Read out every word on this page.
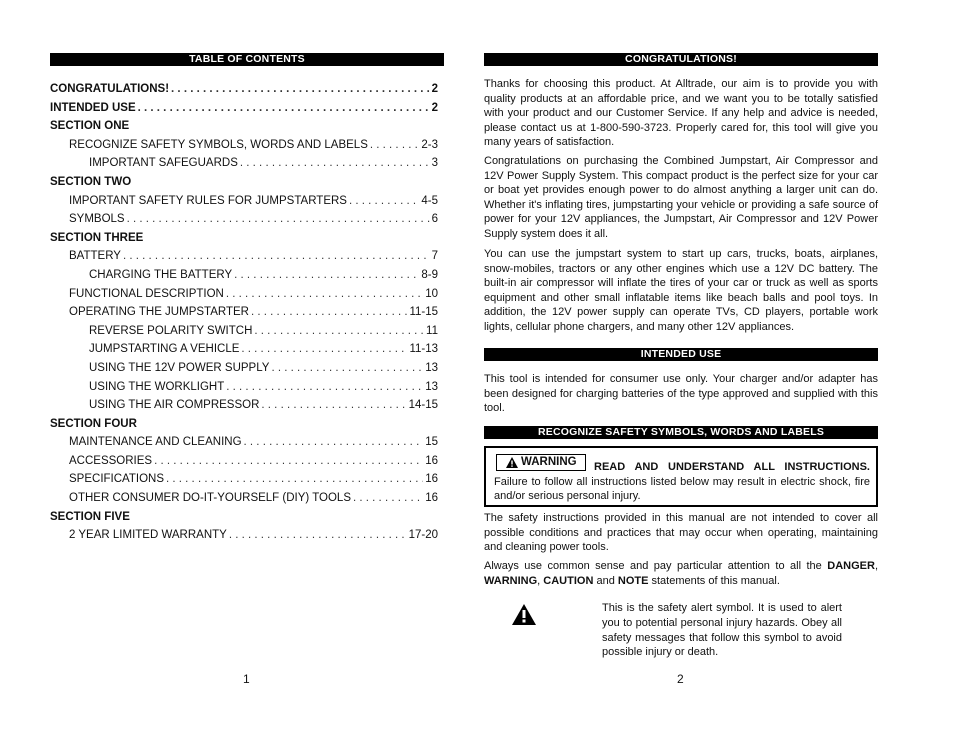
TABLE OF CONTENTS
CONGRATULATIONS! . . .	2
INTENDED USE . . .	2
SECTION ONE
RECOGNIZE SAFETY SYMBOLS, WORDS AND LABELS . . .	2-3
IMPORTANT SAFEGUARDS . . .	3
SECTION TWO
IMPORTANT SAFETY RULES FOR JUMPSTARTERS . . .	4-5
SYMBOLS . . .	6
SECTION THREE
BATTERY . . .	7
CHARGING THE BATTERY . . .	8-9
FUNCTIONAL DESCRIPTION . . .	10
OPERATING THE JUMPSTARTER . . .	11-15
REVERSE POLARITY SWITCH . . .	11
JUMPSTARTING A VEHICLE . . .	11-13
USING THE 12V POWER SUPPLY . . .	13
USING THE WORKLIGHT . . .	13
USING THE AIR COMPRESSOR . . .	14-15
SECTION FOUR
MAINTENANCE AND CLEANING . . .	15
ACCESSORIES . . .	16
SPECIFICATIONS . . .	16
OTHER CONSUMER DO-IT-YOURSELF (DIY) TOOLS . . .	16
SECTION FIVE
2 YEAR LIMITED WARRANTY . . .	17-20
1
CONGRATULATIONS!

Thanks for choosing this product. At Alltrade, our aim is to provide you with quality products at an affordable price, and we want you to be totally satisfied with your product and our Customer Service. If any help and advice is needed, please contact us at 1-800-590-3723. Properly cared for, this tool will give you many years of satisfaction.

Congratulations on purchasing the Combined Jumpstart, Air Compressor and 12V Power Supply System. This compact product is the perfect size for your car or boat yet provides enough power to do almost anything a larger unit can do. Whether it's inflating tires, jumpstarting your vehicle or providing a safe source of power for your 12V appliances, the Jumpstart, Air Compressor and 12V Power Supply system does it all.

You can use the jumpstart system to start up cars, trucks, boats, airplanes, snow-mobiles, tractors or any other engines which use a 12V DC battery. The built-in air compressor will inflate the tires of your car or truck as well as sports equipment and other small inflatable items like beach balls and pool toys. In addition, the 12V power supply can operate TVs, CD players, portable work lights, cellular phone chargers, and many other 12V appliances.

INTENDED USE

This tool is intended for consumer use only. Your charger and/or adapter has been designed for charging batteries of the type approved and supplied with this tool.

RECOGNIZE SAFETY SYMBOLS, WORDS AND LABELS

READ AND UNDERSTAND ALL INSTRUCTIONS. Failure to follow all instructions listed below may result in electric shock, fire and/or serious personal injury.

WARNING

The safety instructions provided in this manual are not intended to cover all possible conditions and practices that may occur when operating, maintaining and cleaning power tools.

Always use common sense and pay particular attention to all the DANGER, WARNING, CAUTION and NOTE statements of this manual.

This is the safety alert symbol. It is used to alert you to potential personal injury hazards. Obey all safety messages that follow this symbol to avoid possible injury or death.

2
